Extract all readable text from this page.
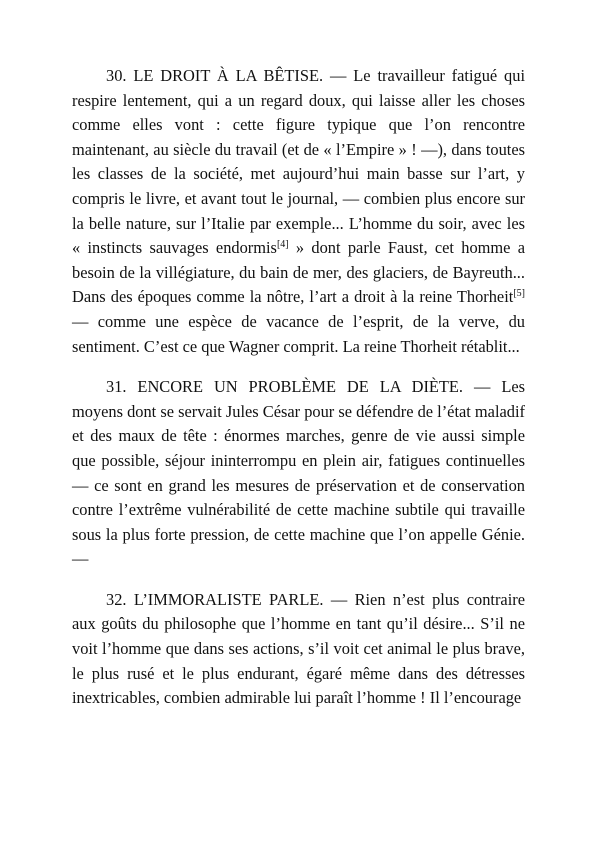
30. LE DROIT À LA BÊTISE. — Le travailleur fatigué qui respire lentement, qui a un regard doux, qui laisse aller les choses comme elles vont : cette figure typique que l’on rencontre maintenant, au siècle du travail (et de « l’Empire » ! —), dans toutes les classes de la société, met aujourd’hui main basse sur l’art, y compris le livre, et avant tout le journal, — combien plus encore sur la belle nature, sur l’Italie par exemple... L’homme du soir, avec les « instincts sauvages endormis[4] » dont parle Faust, cet homme a besoin de la villégiature, du bain de mer, des glaciers, de Bayreuth... Dans des époques comme la nôtre, l’art a droit à la reine Thorheit[5] — comme une espèce de vacance de l’esprit, de la verve, du sentiment. C’est ce que Wagner comprit. La reine Thorheit rétablit...

31. ENCORE UN PROBLÈME DE LA DIÈTE. — Les moyens dont se servait Jules César pour se défendre de l’état maladif et des maux de tête : énormes marches, genre de vie aussi simple que possible, séjour ininterrompu en plein air, fatigues continuelles — ce sont en grand les mesures de préservation et de conservation contre l’extrême vulnérabilité de cette machine subtile qui travaille sous la plus forte pression, de cette machine que l’on appelle Génie. —

32. L’IMMORALISTE PARLE. — Rien n’est plus contraire aux goûts du philosophe que l’homme en tant qu’il désire... S’il ne voit l’homme que dans ses actions, s’il voit cet animal le plus brave, le plus rusé et le plus endurant, égaré même dans des détresses inextricables, combien admirable lui paraît l’homme ! Il l’encourage
